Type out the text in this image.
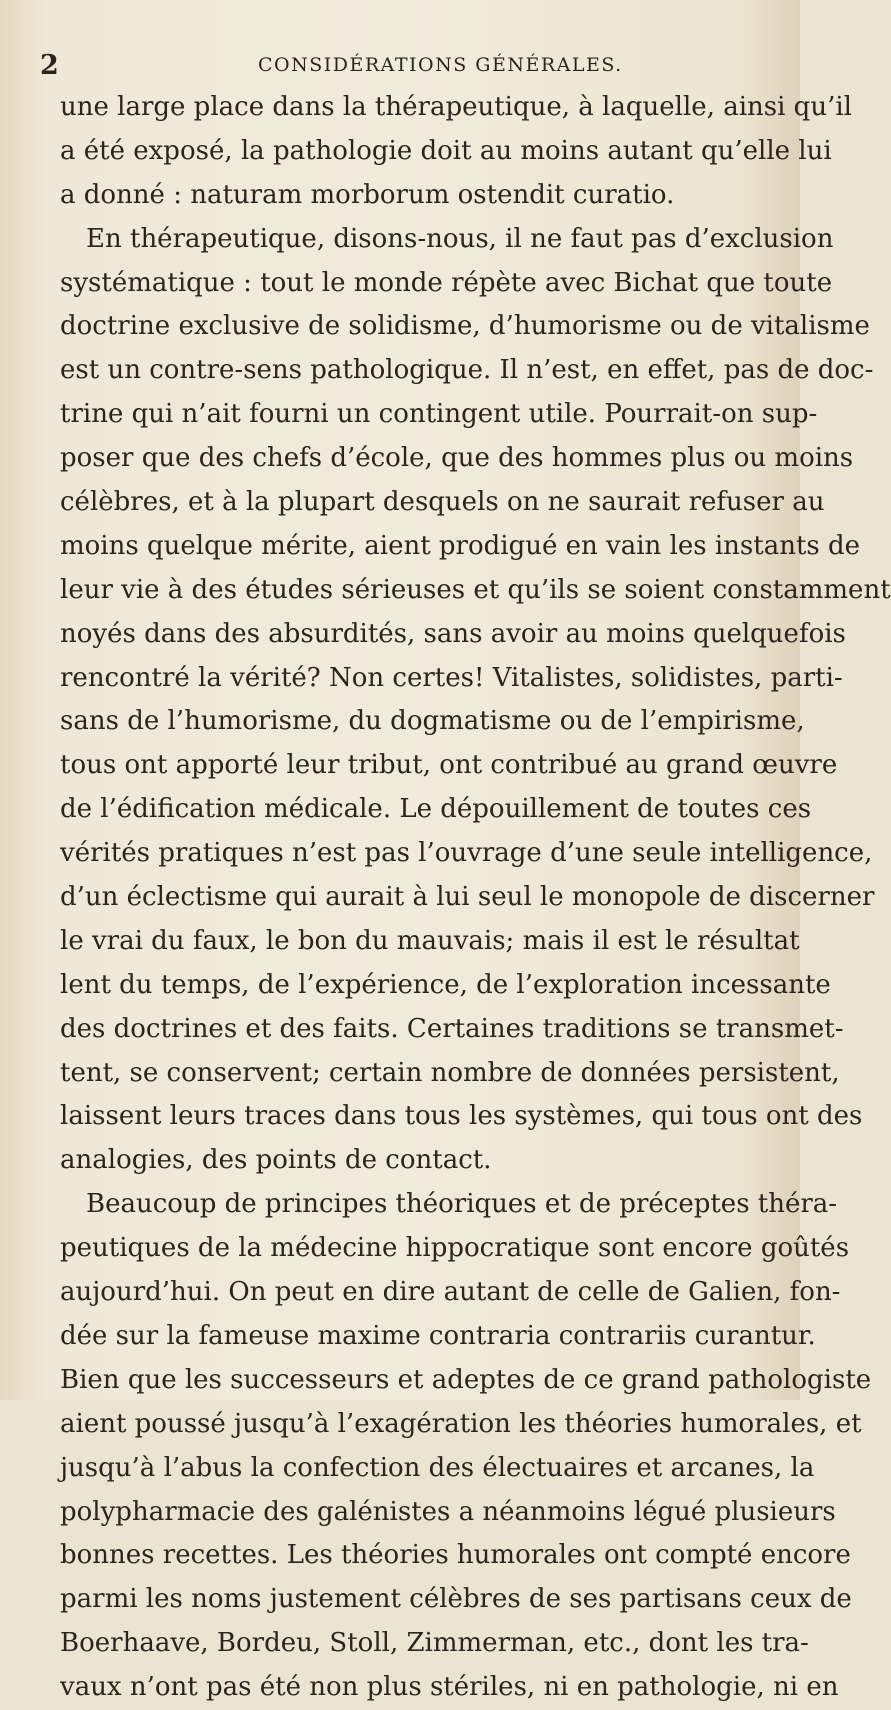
2	CONSIDÉRATIONS GÉNÉRALES.
une large place dans la thérapeutique, à laquelle, ainsi qu’il
a été exposé, la pathologie doit au moins autant qu’elle lui
a donné : naturam morborum ostendit curatio.
En thérapeutique, disons-nous, il ne faut pas d’exclusion
systématique : tout le monde répète avec Bichat que toute
doctrine exclusive de solidisme, d’humorisme ou de vitalisme
est un contre-sens pathologique. Il n’est, en effet, pas de doc-
trine qui n’ait fourni un contingent utile. Pourrait-on sup-
poser que des chefs d’école, que des hommes plus ou moins
célèbres, et à la plupart desquels on ne saurait refuser au
moins quelque mérite, aient prodigué en vain les instants de
leur vie à des études sérieuses et qu’ils se soient constamment
noyés dans des absurdités, sans avoir au moins quelquefois
rencontré la vérité? Non certes! Vitalistes, solidistes, parti-
sans de l’humorisme, du dogmatisme ou de l’empirisme,
tous ont apporté leur tribut, ont contribué au grand œuvre
de l’édification médicale. Le dépouillement de toutes ces
vérités pratiques n’est pas l’ouvrage d’une seule intelligence,
d’un éclectisme qui aurait à lui seul le monopole de discerner
le vrai du faux, le bon du mauvais; mais il est le résultat
lent du temps, de l’expérience, de l’exploration incessante
des doctrines et des faits. Certaines traditions se transmet-
tent, se conservent; certain nombre de données persistent,
laissent leurs traces dans tous les systèmes, qui tous ont des
analogies, des points de contact.
Beaucoup de principes théoriques et de préceptes théra-
peutiques de la médecine hippocratique sont encore goûtés
aujourd’hui. On peut en dire autant de celle de Galien, fon-
dée sur la fameuse maxime contraria contrariis curantur.
Bien que les successeurs et adeptes de ce grand pathologiste
aient poussé jusqu’à l’exagération les théories humorales, et
jusqu’à l’abus la confection des électuaires et arcanes, la
polypharmacie des galénistes a néanmoins légué plusieurs
bonnes recettes. Les théories humorales ont compté encore
parmi les noms justement célèbres de ses partisans ceux de
Boerhaave, Bordeu, Stoll, Zimmerman, etc., dont les tra-
vaux n’ont pas été non plus stériles, ni en pathologie, ni en
